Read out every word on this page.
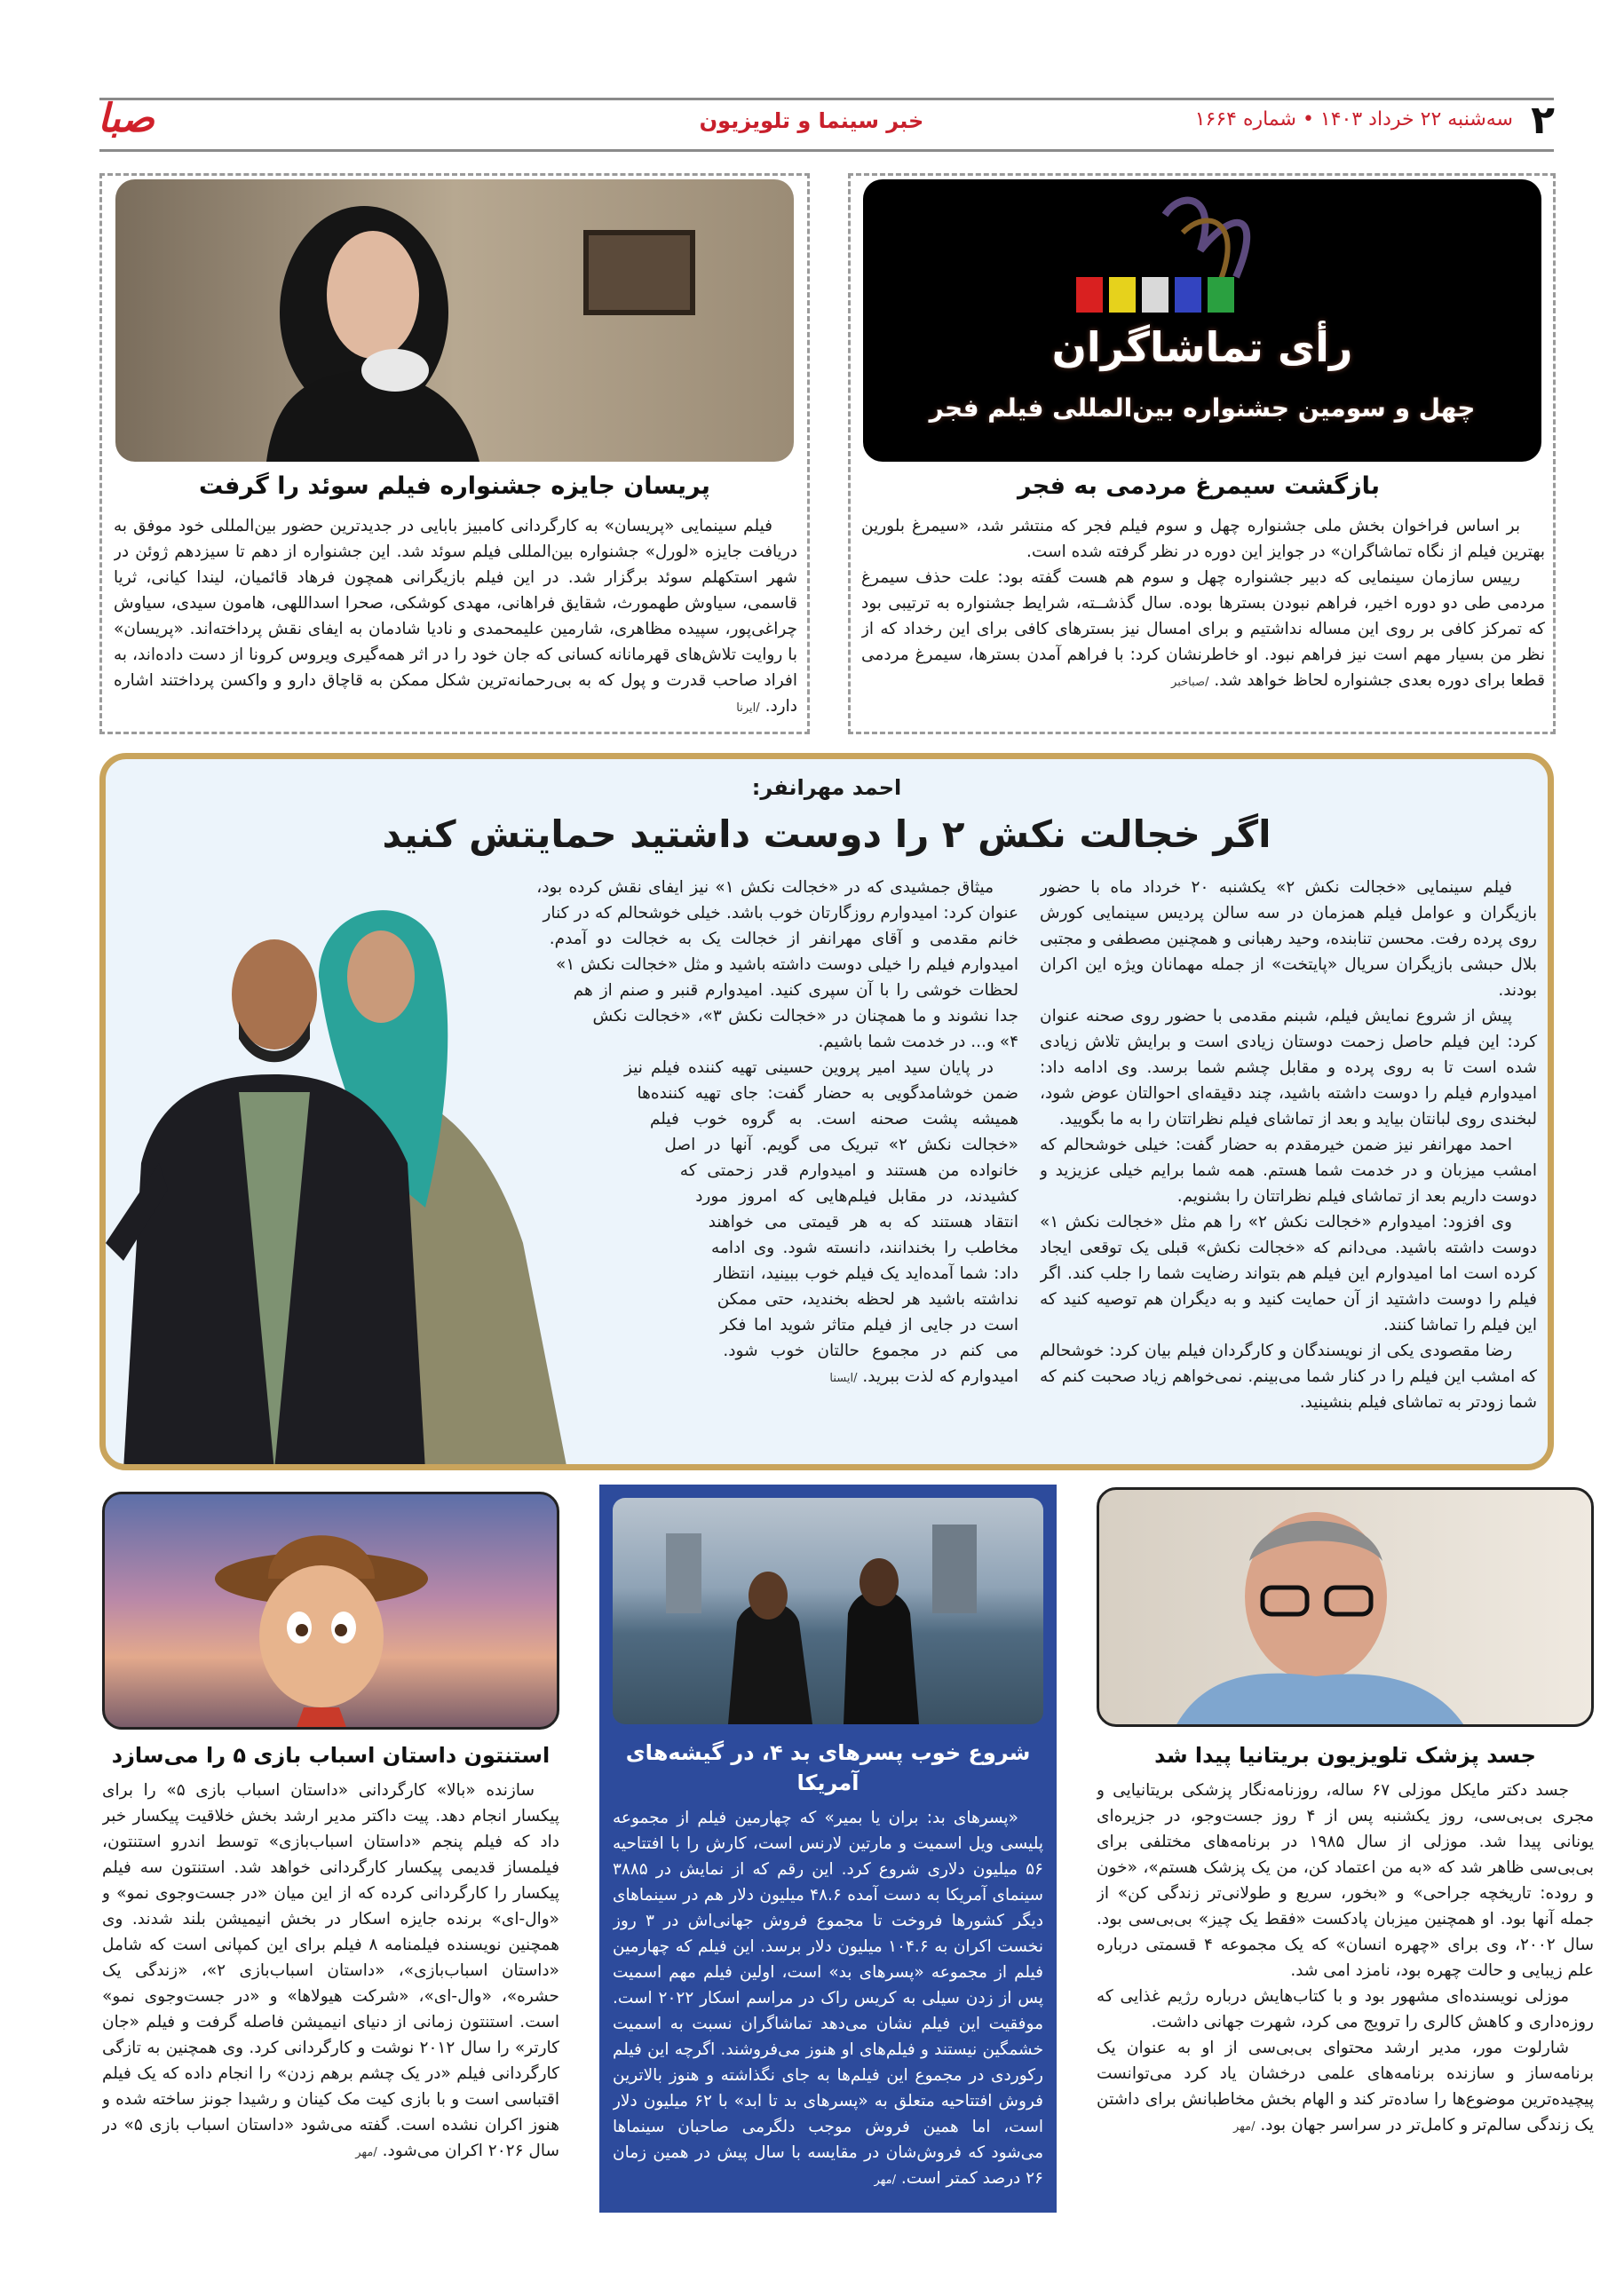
۲
سه‌شنبه ۲۲ خرداد ۱۴۰۳ • شماره ۱۶۶۴
خبر سینما و تلویزیون
صبا
رأی تماشاگران
چهل و سومین جشنواره بین‌المللی فیلم فجر
بازگشت سیمرغ مردمی به فجر

بر اساس فراخوان بخش ملی جشنواره چهل و سوم فیلم فجر که منتشر شد، «سیمرغ بلورین بهترین فیلم از نگاه تماشاگران» در جوایز این دوره در نظر گرفته شده است.

رییس سازمان سینمایی که دبیر جشنواره چهل و سوم هم هست گفته بود: علت حذف سیمرغ مردمی طی دو دوره اخیر، فراهم نبودن بسترها بوده. سال گذشــته، شرایط جشنواره به ترتیبی بود که تمرکز کافی بر روی این مساله نداشتیم و برای امسال نیز بسترهای کافی برای این رخداد که از نظر من بسیار مهم است نیز فراهم نبود. او خاطرنشان کرد: با فراهم آمدن بسترها، سیمرغ مردمی قطعا برای دوره بعدی جشنواره لحاظ خواهد شد. /صباخبر

پریسان جایزه جشنواره فیلم سوئد را گرفت

فیلم سینمایی «پریسان» به کارگردانی کامبیز بابایی در جدیدترین حضور بین‌المللی خود موفق به دریافت جایزه «لورل» جشنواره بین‌المللی فیلم سوئد شد. این جشنواره از دهم تا سیزدهم ژوئن در شهر استکهلم سوئد برگزار شد. در این فیلم بازیگرانی همچون فرهاد قائمیان، لیندا کیانی، ثریا قاسمی، سیاوش طهمورث، شقایق فراهانی، مهدی کوشکی، صحرا اسداللهی، هامون سیدی، سیاوش چراغی‌پور، سپیده مظاهری، شارمین علیمحمدی و نادیا شادمان به ایفای نقش پرداخته‌اند. «پریسان» با روایت تلاش‌های قهرمانانه کسانی که جان خود را در اثر همه‌گیری ویروس کرونا از دست داده‌اند، به افراد صاحب قدرت و پول که به بی‌رحمانه‌ترین شکل ممکن به قاچاق دارو و واکسن پرداختند اشاره دارد. /ایرنا

احمد مهرانفر:
اگر خجالت نکش ۲ را دوست داشتید حمایتش کنید

فیلم سینمایی «خجالت نکش ۲» یکشنبه ۲۰ خرداد ماه با حضور بازیگران و عوامل فیلم همزمان در سه سالن پردیس سینمایی کورش روی پرده رفت. محسن تنابنده، وحید رهبانی و همچنین مصطفی و مجتبی بلال حبشی بازیگران سریال «پایتخت» از جمله مهمانان ویژه این اکران بودند.

پیش از شروع نمایش فیلم، شبنم مقدمی با حضور روی صحنه عنوان کرد: این فیلم حاصل زحمت دوستان زیادی است و برایش تلاش زیادی شده است تا به روی پرده و مقابل چشم شما برسد. وی ادامه داد: امیدوارم فیلم را دوست داشته باشید، چند دقیقه‌ای احوالتان عوض شود، لبخندی روی لبانتان بیاید و بعد از تماشای فیلم نظراتتان را به ما بگویید.

احمد مهرانفر نیز ضمن خیرمقدم به حضار گفت: خیلی خوشحالم که امشب میزبان و در خدمت شما هستم. همه شما برایم خیلی عزیزید و دوست داریم بعد از تماشای فیلم نظراتتان را بشنویم.

وی افزود: امیدوارم «خجالت نکش ۲» را هم مثل «خجالت نکش ۱» دوست داشته باشید. می‌دانم که «خجالت نکش» قبلی یک توقعی ایجاد کرده است اما امیدوارم این فیلم هم بتواند رضایت شما را جلب کند. اگر فیلم را دوست داشتید از آن حمایت کنید و به دیگران هم توصیه کنید که این فیلم را تماشا کنند.

رضا مقصودی یکی از نویسندگان و کارگردان فیلم بیان کرد: خوشحالم که امشب این فیلم را در کنار شما می‌بینم. نمی‌خواهم زیاد صحبت کنم که شما زودتر به تماشای فیلم بنشینید.

میثاق جمشیدی که در «خجالت نکش ۱» نیز ایفای نقش کرده بود، عنوان کرد: امیدوارم روزگارتان خوب باشد. خیلی خوشحالم که در کنار خانم مقدمی و آقای مهرانفر از خجالت یک به خجالت دو آمدم. امیدوارم فیلم را خیلی دوست داشته باشید و مثل «خجالت نکش ۱» لحظات خوشی را با آن سپری کنید. امیدوارم قنبر و صنم از هم جدا نشوند و ما همچنان در «خجالت نکش ۳»، «خجالت نکش ۴» و... در خدمت شما باشیم.

در پایان سید امیر پروین حسینی تهیه کننده فیلم نیز ضمن خوشامدگویی به حضار گفت: جای تهیه کننده‌ها همیشه پشت صحنه است. به گروه خوب فیلم «خجالت نکش ۲» تبریک می گویم. آنها در اصل خانواده من هستند و امیدوارم قدر زحمتی که کشیدند، در مقابل فیلم‌هایی که امروز مورد انتقاد هستند که به هر قیمتی می خواهند مخاطب را بخندانند، دانسته شود. وی ادامه داد: شما آمده‌اید یک فیلم خوب ببینید، انتظار نداشته باشید هر لحظه بخندید، حتی ممکن است در جایی از فیلم متاثر شوید اما فکر می کنم در مجموع حالتان خوب شود. امیدوارم که لذت ببرید. /ایسنا

جسد پزشک تلویزیون بریتانیا پیدا شد

جسد دکتر مایکل موزلی ۶۷ ساله، روزنامه‌نگار پزشکی بریتانیایی و مجری بی‌بی‌سی، روز یکشنبه پس از ۴ روز جست‌وجو، در جزیره‌ای یونانی پیدا شد. موزلی از سال ۱۹۸۵ در برنامه‌های مختلفی برای بی‌بی‌سی ظاهر شد که «به من اعتماد کن، من یک پزشک هستم»، «خون و روده: تاریخچه جراحی» و «بخور، سریع و طولانی‌تر زندگی کن» از جمله آنها بود. او همچنین میزبان پادکست «فقط یک چیز» بی‌بی‌سی بود. سال ۲۰۰۲، وی برای «چهره انسان» که یک مجموعه ۴ قسمتی درباره علم زیبایی و حالت چهره بود، نامزد امی شد.

موزلی نویسنده‌ای مشهور بود و با کتاب‌هایش درباره رژیم غذایی که روزه‌داری و کاهش کالری را ترویج می کرد، شهرت جهانی داشت.

شارلوت مور، مدیر ارشد محتوای بی‌بی‌سی از او به عنوان یک برنامه‌ساز و سازنده برنامه‌های علمی درخشان یاد کرد می‌توانست پیچیده‌ترین موضوع‌ها را ساده‌تر کند و الهام بخش مخاطبانش برای داشتن یک زندگی سالم‌تر و کامل‌تر در سراسر جهان بود. /مهر

شروع خوب پسرهای بد ۴، در گیشه‌های آمریکا

«پسرهای بد: بران یا بمیر» که چهارمین فیلم از مجموعه پلیسی ویل اسمیت و مارتین لارنس است، کارش را با افتتاحیه ۵۶ میلیون دلاری شروع کرد. این رقم که از نمایش در ۳۸۸۵ سینمای آمریکا به دست آمده ۴۸.۶ میلیون دلار هم در سینماهای دیگر کشورها فروخت تا مجموع فروش جهانی‌اش در ۳ روز نخست اکران به ۱۰۴.۶ میلیون دلار برسد. این فیلم که چهارمین فیلم از مجموعه «پسرهای بد» است، اولین فیلم مهم اسمیت پس از زدن سیلی به کریس راک در مراسم اسکار ۲۰۲۲ است. موفقیت این فیلم نشان می‌دهد تماشاگران نسبت به اسمیت خشمگین نیستند و فیلم‌های او هنوز می‌فروشند. اگرچه این فیلم رکوردی در مجموع این فیلم‌ها به جای نگذاشته و هنوز بالاترین فروش افتتاحیه متعلق به «پسرهای بد تا ابد» با ۶۲ میلیون دلار است، اما همین فروش موجب دلگرمی صاحبان سینماها می‌شود که فروش‌شان در مقایسه با سال پیش در همین زمان ۲۶ درصد کمتر است. /مهر

استنتون داستان اسباب بازی ۵ را می‌سازد

سازنده «بالا» کارگردانی «داستان اسباب بازی ۵» را برای پیکسار انجام دهد. پیت داکتر مدیر ارشد بخش خلاقیت پیکسار خبر داد که فیلم پنجم «داستان اسباب‌بازی» توسط اندرو استنتون، فیلمساز قدیمی پیکسار کارگردانی خواهد شد. استنتون سه فیلم پیکسار را کارگردانی کرده که از این میان «در جست‌وجوی نمو» و «وال-ای» برنده جایزه اسکار در بخش انیمیشن بلند شدند. وی همچنین نویسنده فیلمنامه ۸ فیلم برای این کمپانی است که شامل «داستان اسباب‌بازی»، «داستان اسباب‌بازی ۲»، «زندگی یک حشره»، «وال-ای»، «شرکت هیولاها» و «در جست‌وجوی نمو» است. استنتون زمانی از دنیای انیمیشن فاصله گرفت و فیلم «جان کارتر» را سال ۲۰۱۲ نوشت و کارگردانی کرد. وی همچنین به تازگی کارگردانی فیلم «در یک چشم برهم زدن» را انجام داده که یک فیلم اقتباسی است و با بازی کیت مک کینان و رشیدا جونز ساخته شده و هنوز اکران نشده است. گفته می‌شود «داستان اسباب بازی ۵» در سال ۲۰۲۶ اکران می‌شود. /مهر
